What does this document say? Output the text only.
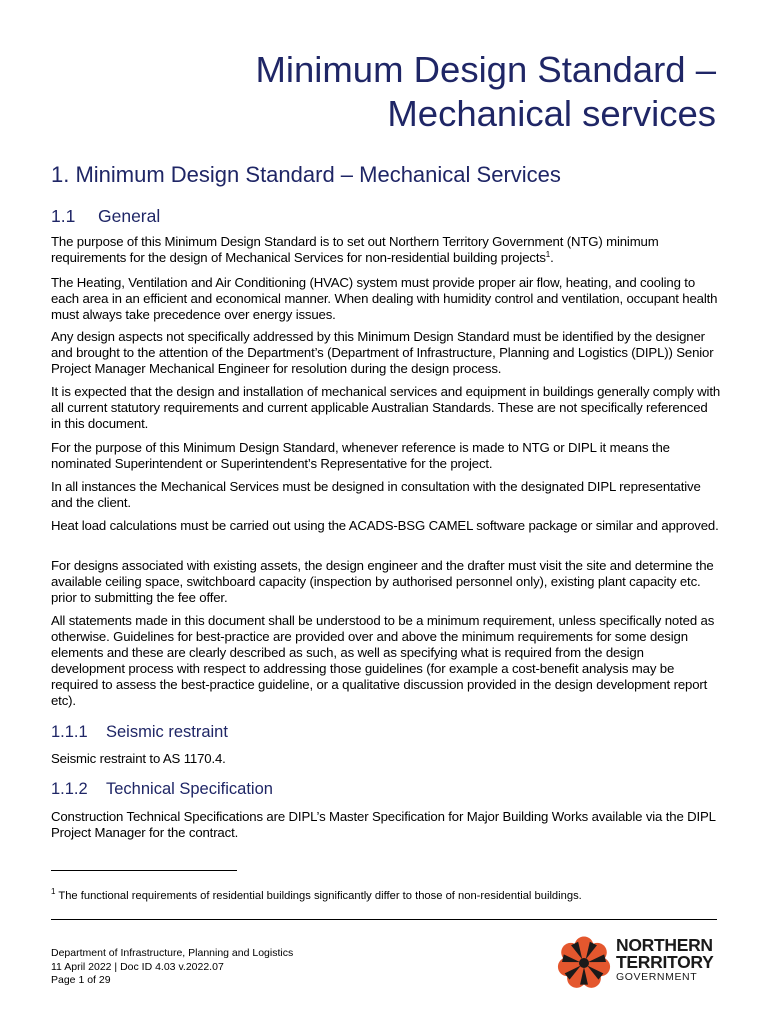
Minimum Design Standard –
Mechanical services
1. Minimum Design Standard – Mechanical Services
1.1 General

The purpose of this Minimum Design Standard is to set out Northern Territory Government (NTG) minimum requirements for the design of Mechanical Services for non-residential building projects$^1$.

The Heating, Ventilation and Air Conditioning (HVAC) system must provide proper air flow, heating, and cooling to each area in an efficient and economical manner. When dealing with humidity control and ventilation, occupant health must always take precedence over energy issues.

Any design aspects not specifically addressed by this Minimum Design Standard must be identified by the designer and brought to the attention of the Department’s (Department of Infrastructure, Planning and Logistics (DIPL)) Senior Project Manager Mechanical Engineer for resolution during the design process.

It is expected that the design and installation of mechanical services and equipment in buildings generally comply with all current statutory requirements and current applicable Australian Standards. These are not specifically referenced in this document.

For the purpose of this Minimum Design Standard, whenever reference is made to NTG or DIPL it means the nominated Superintendent or Superintendent’s Representative for the project.

In all instances the Mechanical Services must be designed in consultation with the designated DIPL representative and the client.

Heat load calculations must be carried out using the ACADS-BSG CAMEL software package or similar and approved.

For designs associated with existing assets, the design engineer and the drafter must visit the site and determine the available ceiling space, switchboard capacity (inspection by authorised personnel only), existing plant capacity etc. prior to submitting the fee offer.

All statements made in this document shall be understood to be a minimum requirement, unless specifically noted as otherwise. Guidelines for best-practice are provided over and above the minimum requirements for some design elements and these are clearly described as such, as well as specifying what is required from the design development process with respect to addressing those guidelines (for example a cost-benefit analysis may be required to assess the best-practice guideline, or a qualitative discussion provided in the design development report etc).

1.1.1 Seismic restraint

Seismic restraint to AS 1170.4.

1.1.2 Technical Specification

Construction Technical Specifications are DIPL’s Master Specification for Major Building Works available via the DIPL Project Manager for the contract.

$^1$ The functional requirements of residential buildings significantly differ to those of non-residential buildings.
Department of Infrastructure, Planning and Logistics
11 April 2022 | Doc ID 4.03 v.2022.07
Page 1 of 29
NORTHERN
TERRITORY
GOVERNMENT
